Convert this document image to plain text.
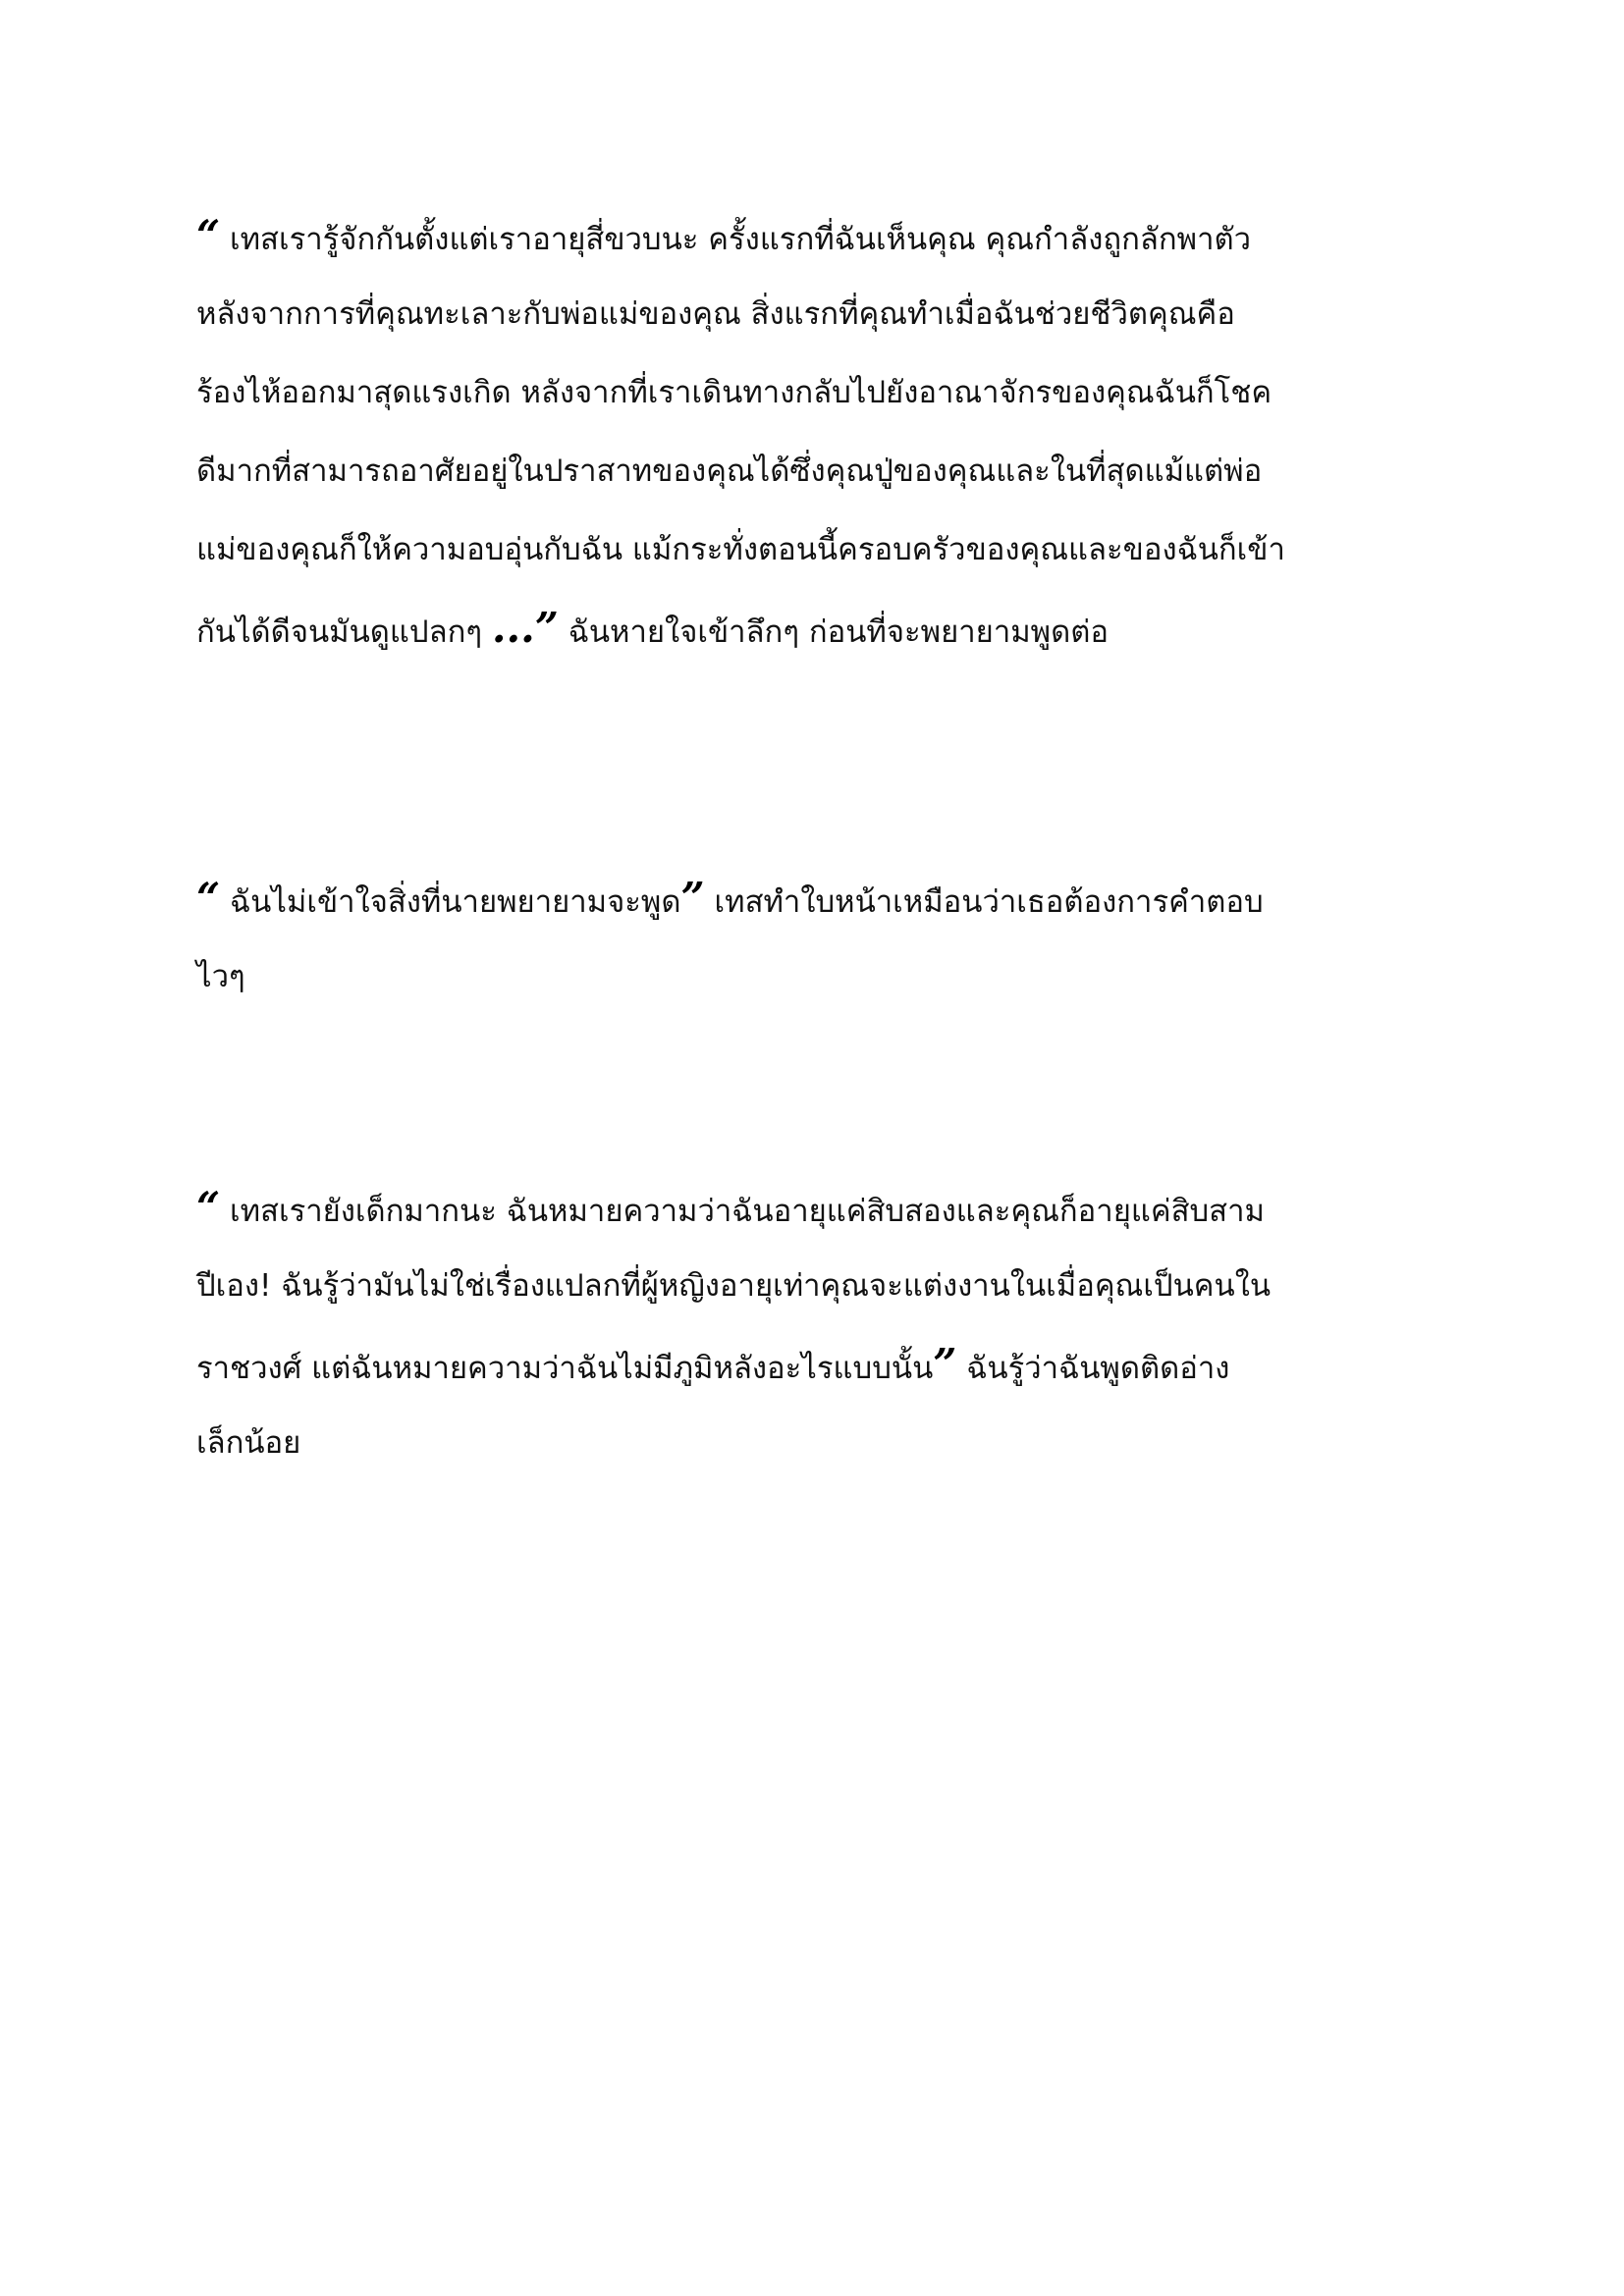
“ เทสเรารู้จักกันตั้งแต่เราอายุสี่ขวบนะ ครั้งแรกที่ฉันเห็นคุณ คุณกำลังถูกลักพาตัว
หลังจากการที่คุณทะเลาะกับพ่อแม่ของคุณ สิ่งแรกที่คุณทำเมื่อฉันช่วยชีวิตคุณคือ
ร้องไห้ออกมาสุดแรงเกิด หลังจากที่เราเดินทางกลับไปยังอาณาจักรของคุณฉันก็โชค
ดีมากที่สามารถอาศัยอยู่ในปราสาทของคุณได้ซึ่งคุณปู่ของคุณและในที่สุดแม้แต่พ่อ
แม่ของคุณก็ให้ความอบอุ่นกับฉัน แม้กระทั่งตอนนี้ครอบครัวของคุณและของฉันก็เข้า
กันได้ดีจนมันดูแปลกๆ ...” ฉันหายใจเข้าลึกๆ ก่อนที่จะพยายามพูดต่อ
“ ฉันไม่เข้าใจสิ่งที่นายพยายามจะพูด” เทสทำใบหน้าเหมือนว่าเธอต้องการคำตอบ
ไวๆ
“ เทสเรายังเด็กมากนะ ฉันหมายความว่าฉันอายุแค่สิบสองและคุณก็อายุแค่สิบสาม
ปีเอง! ฉันรู้ว่ามันไม่ใช่เรื่องแปลกที่ผู้หญิงอายุเท่าคุณจะแต่งงานในเมื่อคุณเป็นคนใน
ราชวงศ์ แต่ฉันหมายความว่าฉันไม่มีภูมิหลังอะไรแบบนั้น” ฉันรู้ว่าฉันพูดติดอ่าง
เล็กน้อย
